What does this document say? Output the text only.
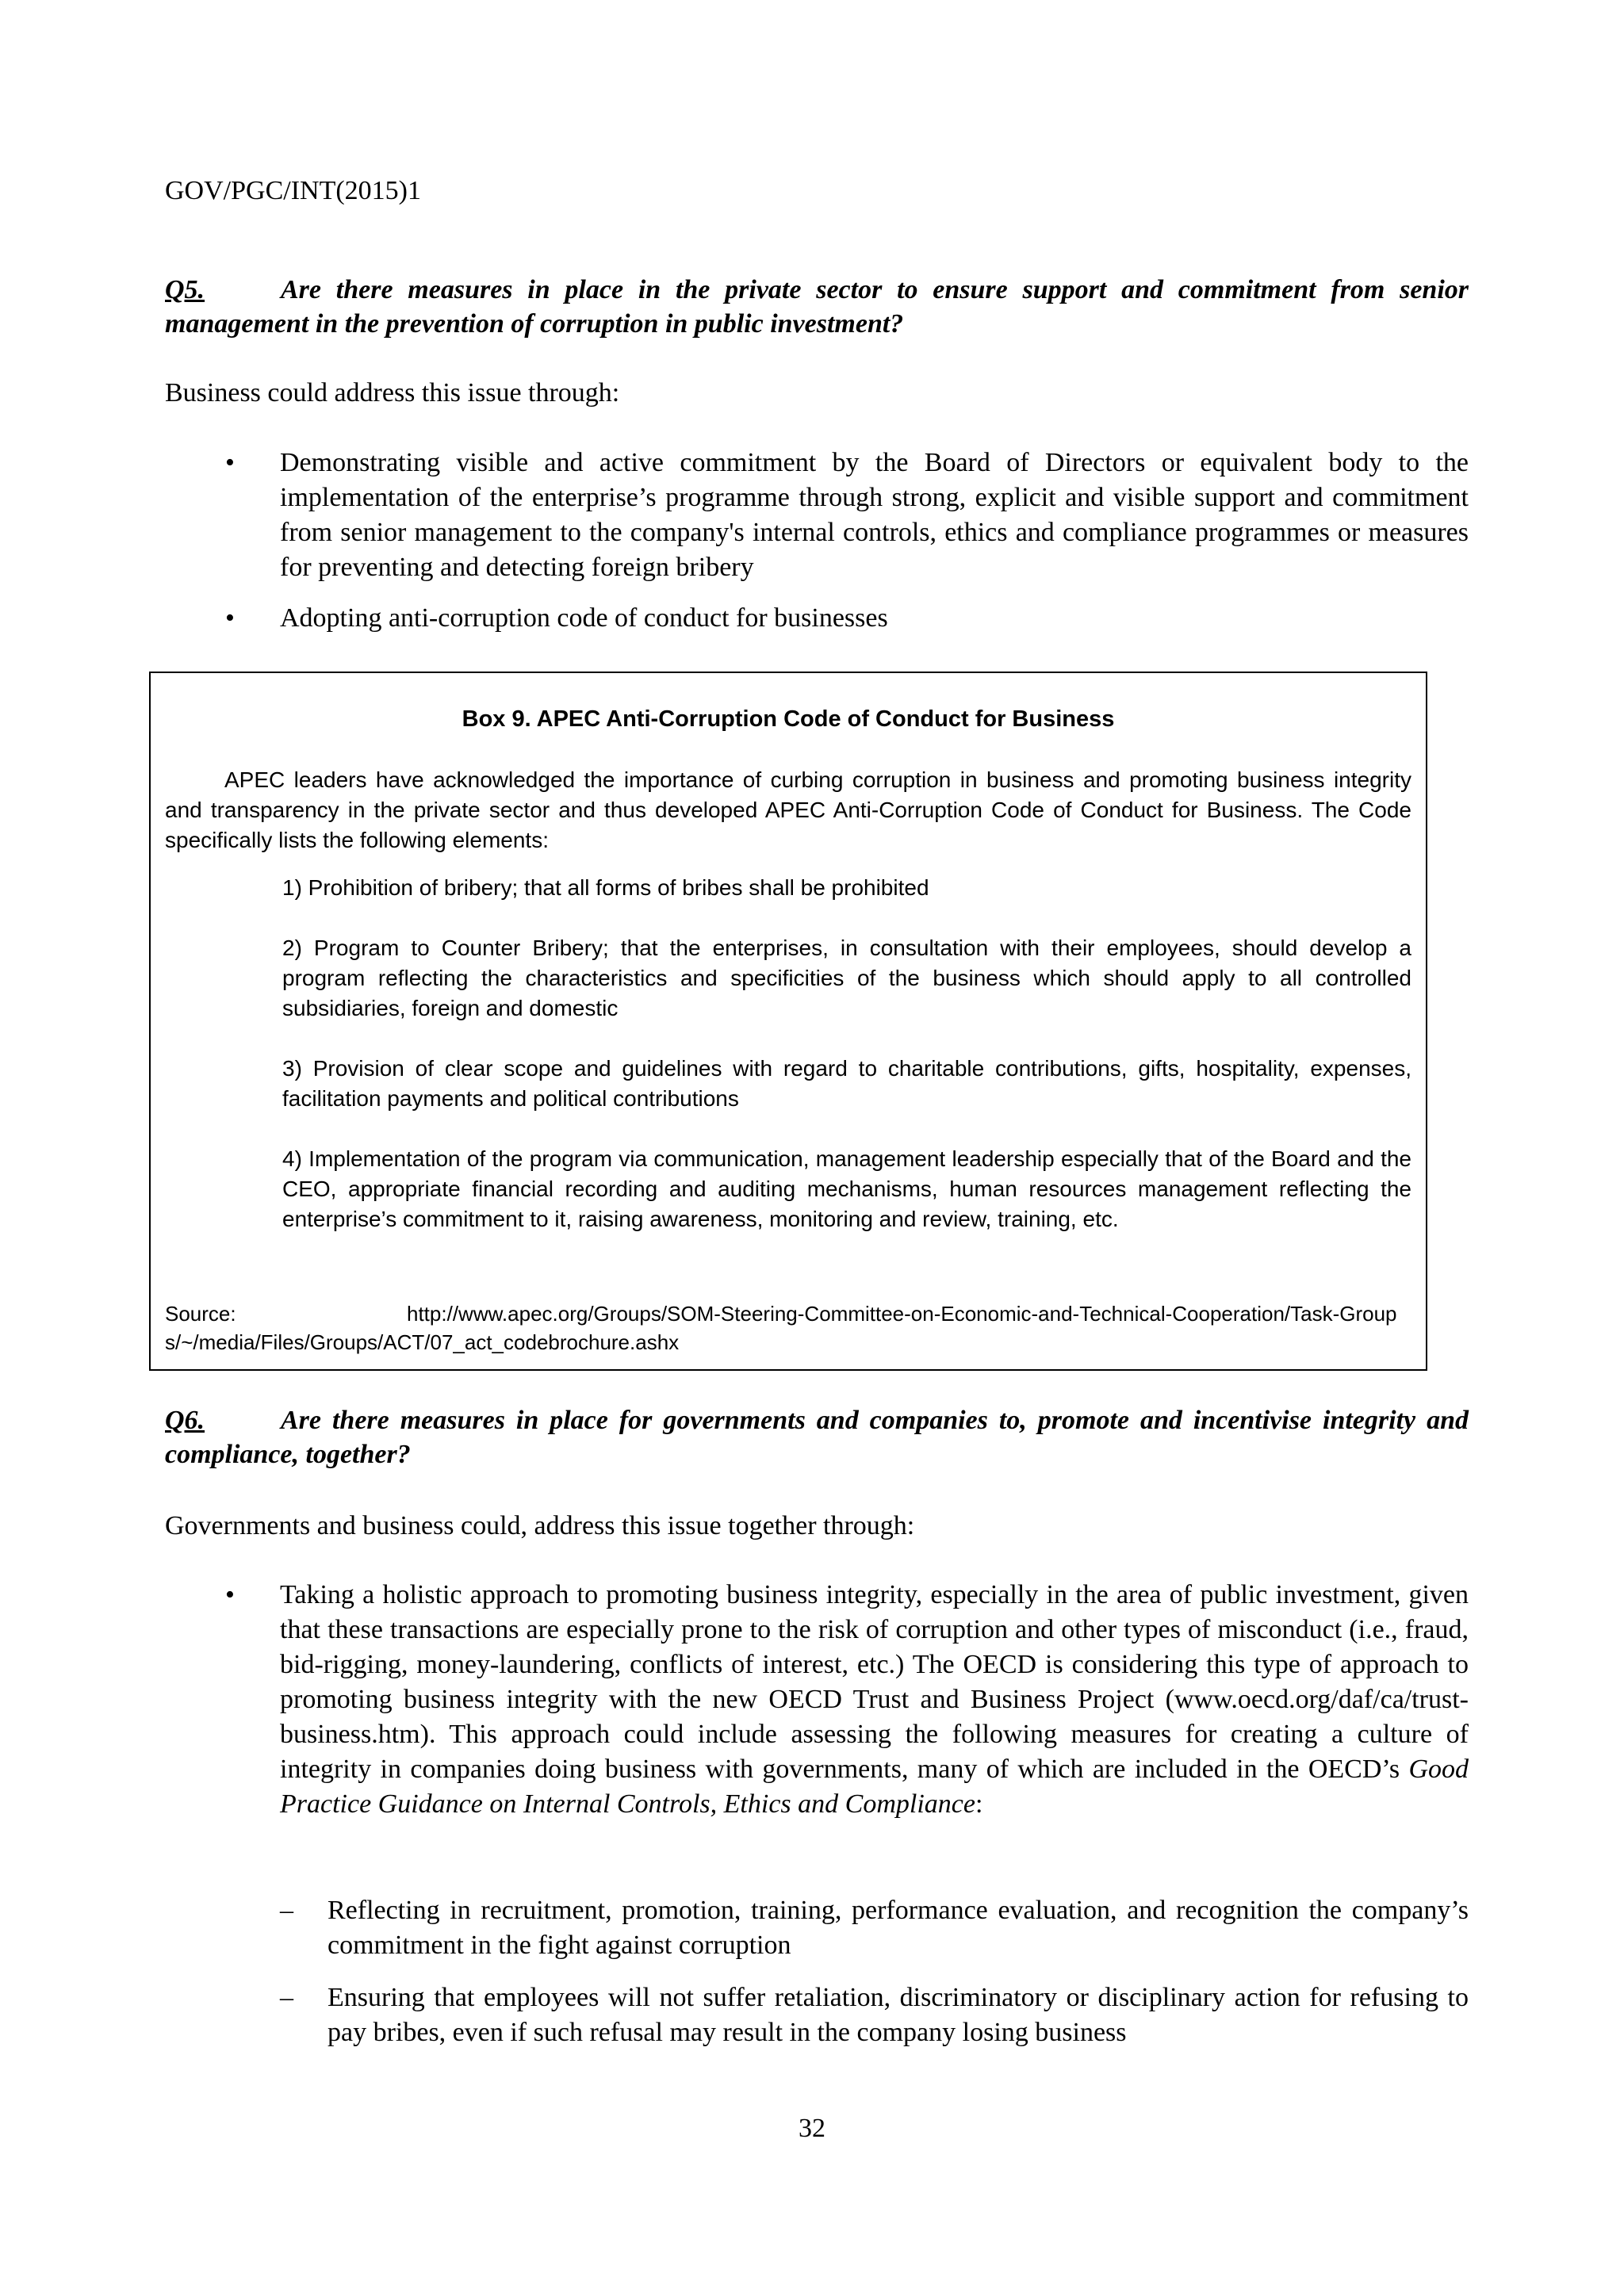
GOV/PGC/INT(2015)1
Q5.	Are there measures in place in the private sector to ensure support and commitment from senior management in the prevention of corruption in public investment?
Business could address this issue through:
• Demonstrating visible and active commitment by the Board of Directors or equivalent body to the implementation of the enterprise’s programme through strong, explicit and visible support and commitment from senior management to the company's internal controls, ethics and compliance programmes or measures for preventing and detecting foreign bribery
• Adopting anti-corruption code of conduct for businesses
Box 9. APEC Anti-Corruption Code of Conduct for Business
APEC leaders have acknowledged the importance of curbing corruption in business and promoting business integrity and transparency in the private sector and thus developed APEC Anti-Corruption Code of Conduct for Business. The Code specifically lists the following elements:
1) Prohibition of bribery; that all forms of bribes shall be prohibited
2) Program to Counter Bribery; that the enterprises, in consultation with their employees, should develop a program reflecting the characteristics and specificities of the business which should apply to all controlled subsidiaries, foreign and domestic
3) Provision of clear scope and guidelines with regard to charitable contributions, gifts, hospitality, expenses, facilitation payments and political contributions
4) Implementation of the program via communication, management leadership especially that of the Board and the CEO, appropriate financial recording and auditing mechanisms, human resources management reflecting the enterprise’s commitment to it, raising awareness, monitoring and review, training, etc.
Source:	http://www.apec.org/Groups/SOM-Steering-Committee-on-Economic-and-Technical-Cooperation/Task-Groups/~/media/Files/Groups/ACT/07_act_codebrochure.ashx
Q6.	Are there measures in place for governments and companies to, promote and incentivise integrity and compliance, together?
Governments and business could, address this issue together through:
• Taking a holistic approach to promoting business integrity, especially in the area of public investment, given that these transactions are especially prone to the risk of corruption and other types of misconduct (i.e., fraud, bid-rigging, money-laundering, conflicts of interest, etc.) The OECD is considering this type of approach to promoting business integrity with the new OECD Trust and Business Project (www.oecd.org/daf/ca/trust-business.htm). This approach could include assessing the following measures for creating a culture of integrity in companies doing business with governments, many of which are included in the OECD’s Good Practice Guidance on Internal Controls, Ethics and Compliance:
– Reflecting in recruitment, promotion, training, performance evaluation, and recognition the company’s commitment in the fight against corruption
– Ensuring that employees will not suffer retaliation, discriminatory or disciplinary action for refusing to pay bribes, even if such refusal may result in the company losing business
32
